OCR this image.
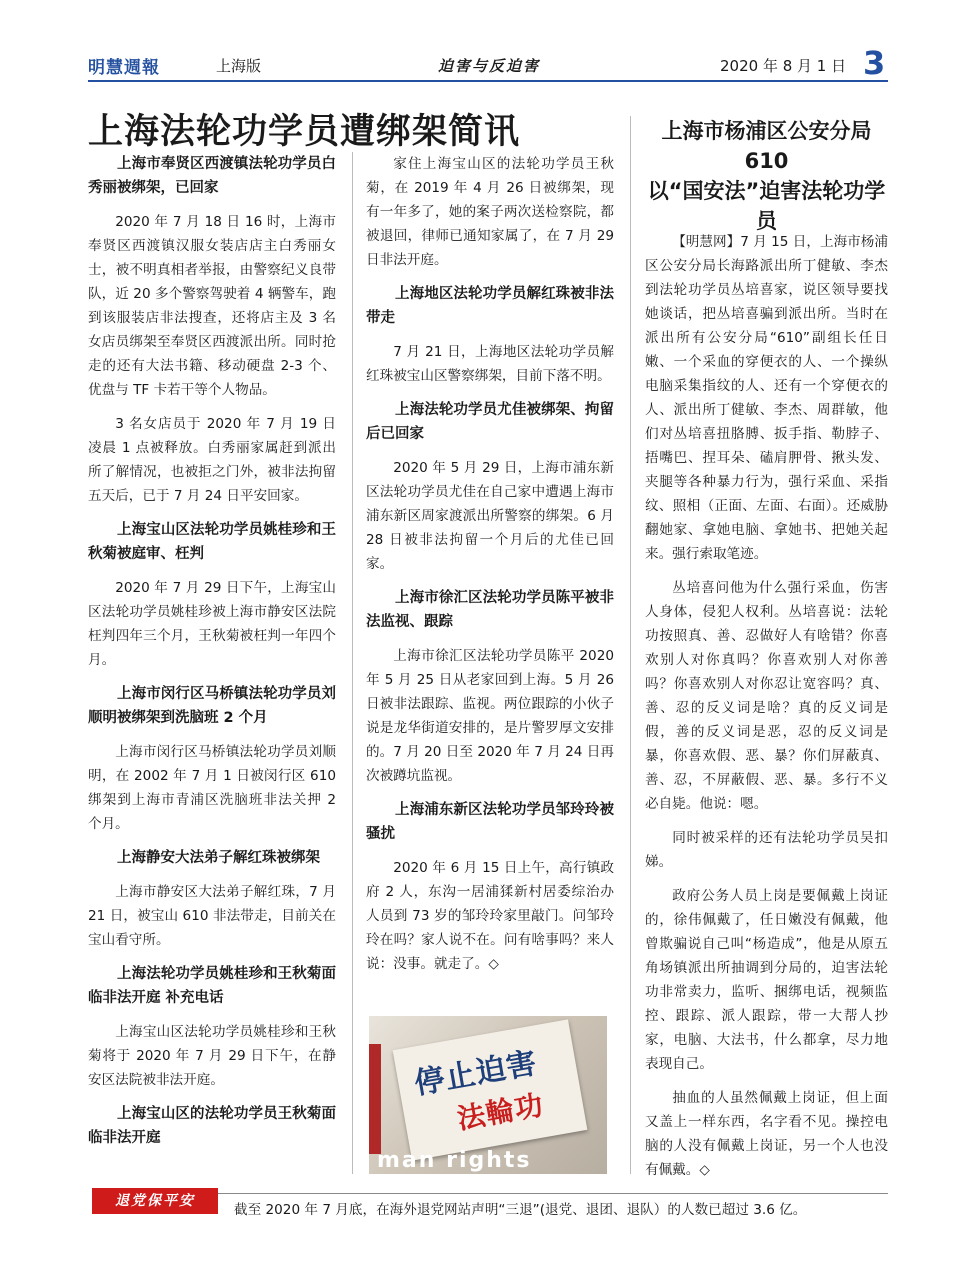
明慧週報	上海版	迫害与反迫害	2020 年 8 月 1 日 3
上海法轮功学员遭绑架简讯
上海市奉贤区西渡镇法轮功学员白秀丽被绑架，已回家

2020 年 7 月 18 日 16 时，上海市奉贤区西渡镇汉服女装店店主白秀丽女士，被不明真相者举报，由警察纪义良带队，近 20 多个警察驾驶着 4 辆警车，跑到该服装店非法搜查，还将店主及 3 名女店员绑架至奉贤区西渡派出所。同时抢走的还有大法书籍、移动硬盘 2-3 个、优盘与 TF 卡若干等个人物品。

3 名女店员于 2020 年 7 月 19 日凌晨 1 点被释放。白秀丽家属赶到派出所了解情况，也被拒之门外，被非法拘留五天后，已于 7 月 24 日平安回家。

上海宝山区法轮功学员姚桂珍和王秋菊被庭审、枉判

2020 年 7 月 29 日下午，上海宝山区法轮功学员姚桂珍被上海市静安区法院枉判四年三个月，王秋菊被枉判一年四个月。

上海市闵行区马桥镇法轮功学员刘顺明被绑架到洗脑班 2 个月

上海市闵行区马桥镇法轮功学员刘顺明，在 2002 年 7 月 1 日被闵行区 610 绑架到上海市青浦区洗脑班非法关押 2 个月。

上海静安大法弟子解红珠被绑架

上海市静安区大法弟子解红珠，7 月 21 日，被宝山 610 非法带走，目前关在宝山看守所。

上海法轮功学员姚桂珍和王秋菊面临非法开庭 补充电话

上海宝山区法轮功学员姚桂珍和王秋菊将于 2020 年 7 月 29 日下午，在静安区法院被非法开庭。

上海宝山区的法轮功学员王秋菊面临非法开庭

家住上海宝山区的法轮功学员王秋菊，在 2019 年 4 月 26 日被绑架，现有一年多了，她的案子两次送检察院，都被退回，律师已通知家属了，在 7 月 29 日非法开庭。

上海地区法轮功学员解红珠被非法带走

7 月 21 日，上海地区法轮功学员解红珠被宝山区警察绑架，目前下落不明。

上海法轮功学员尤佳被绑架、拘留后已回家

2020 年 5 月 29 日，上海市浦东新区法轮功学员尤佳在自己家中遭遇上海市浦东新区周家渡派出所警察的绑架。6 月 28 日被非法拘留一个月后的尤佳已回家。

上海市徐汇区法轮功学员陈平被非法监视、跟踪

上海市徐汇区法轮功学员陈平 2020 年 5 月 25 日从老家回到上海。5 月 26 日被非法跟踪、监视。两位跟踪的小伙子说是龙华街道安排的，是片警罗厚文安排的。7 月 20 日至 2020 年 7 月 24 日再次被蹲坑监视。

上海浦东新区法轮功学员邹玲玲被骚扰

2020 年 6 月 15 日上午，高行镇政府 2 人，东沟一居浦猱新村居委综治办人员到 73 岁的邹玲玲家里敲门。问邹玲玲在吗？家人说不在。问有啥事吗？来人说：没事。就走了。◇

停止迫害
法輪功
man rights
上海市杨浦区公安分局610
以“国安法”迫害法轮功学员

【明慧网】7 月 15 日，上海市杨浦区公安分局长海路派出所丁健敏、李杰到法轮功学员丛培喜家，说区领导要找她谈话，把丛培喜骗到派出所。当时在派出所有公安分局“610”副组长任日嫩、一个采血的穿便衣的人、一个操纵电脑采集指纹的人、还有一个穿便衣的人、派出所丁健敏、李杰、周群敏，他们对丛培喜扭胳膊、扳手指、勒脖子、捂嘴巴、捏耳朵、磕肩胛骨、揪头发、夹腿等各种暴力行为，强行采血、采指纹、照相（正面、左面、右面）。还威胁翻她家、拿她电脑、拿她书、把她关起来。强行索取笔迹。

丛培喜问他为什么强行采血，伤害人身体，侵犯人权利。丛培喜说：法轮功按照真、善、忍做好人有啥错？你喜欢别人对你真吗？你喜欢别人对你善吗？你喜欢别人对你忍让宽容吗？真、善、忍的反义词是啥？真的反义词是假，善的反义词是恶，忍的反义词是暴，你喜欢假、恶、暴？你们屏蔽真、善、忍，不屏蔽假、恶、暴。多行不义必自毙。他说：嗯。

同时被采样的还有法轮功学员吴扣娣。

政府公务人员上岗是要佩戴上岗证的，徐伟佩戴了，任日嫩没有佩戴，他曾欺骗说自己叫“杨造成”，他是从原五角场镇派出所抽调到分局的，迫害法轮功非常卖力，监听、捆绑电话，视频监控、跟踪、派人跟踪，带一大帮人抄家，电脑、大法书，什么都拿，尽力地表现自己。

抽血的人虽然佩戴上岗证，但上面又盖上一样东西，名字看不见。操控电脑的人没有佩戴上岗证，另一个人也没有佩戴。◇

退党保平安
截至 2020 年 7 月底，在海外退党网站声明“三退”(退党、退团、退队）的人数已超过 3.6 亿。
